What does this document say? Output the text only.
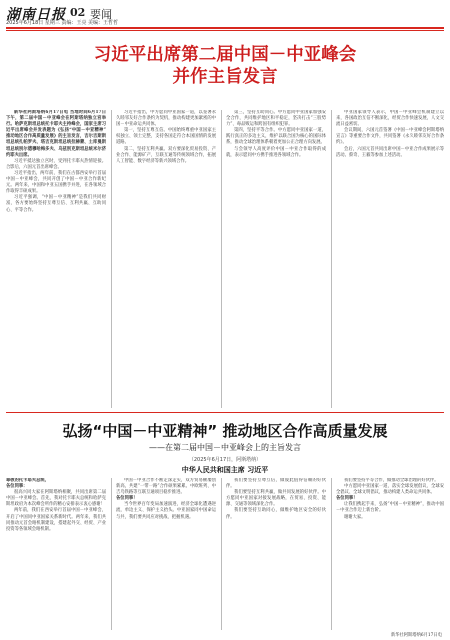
湖南日报 02 要闻
2025年6月18日 星期三 责编：王亮 美编：王哲哲
习近平出席第二届中国－中亚峰会
并作主旨发言

新华社阿斯塔纳6月17日电 当地时间6月17日下午，第二届中国－中亚峰会在阿斯塔纳独立宫举行。哈萨克斯坦总统托卡耶夫主持峰会，国家主席习近平出席峰会并发表题为《弘扬“中国－中亚精神” 推动地区合作高质量发展》的主旨发言，吉尔吉斯斯坦总统扎帕罗夫、塔吉克斯坦总统拉赫蒙、土库曼斯坦总统别尔德穆哈梅多夫、乌兹别克斯坦总统米尔济约耶夫出席。

习近平抵达独立宫时，受到托卡耶夫热情迎接。合影后，六国元首出席峰会。

习近平指出，两年前，我们在古都西安举行首届中国－中亚峰会，共同开创了中国－中亚合作新纪元。两年来，中国和中亚五国携手并进，在各领域合作取得丰硕成果。

习近平强调，“中国－中亚精神”是我们共同财富，各方要始终坚持互尊互信、互利共赢、互助同心、平等合作。

习近平指出，中方愿同中亚国家一道，以签署永久睦邻友好合作条约为契机，推动构建更加紧密的中国－中亚命运共同体。

第一，坚持互尊互信。中国始终尊重中亚国家主权独立、领土完整，支持各国走符合本国国情的发展道路。

第二，坚持互利共赢。双方要深化贸易投资、产业合作、能源矿产、互联互通等传统领域合作，拓展人工智能、数字经济等新兴领域合作。

第三，坚持互助同心。中方愿同中亚国家加强安全合作，共同维护地区和平稳定，坚决打击“三股势力”、毒品贩运和跨国有组织犯罪。

第四，坚持平等合作。中方愿同中亚国家一道，践行真正的多边主义，维护以联合国为核心的国际体系，推动全球治理体系朝着更加公正合理方向发展。

与会领导人高度评价中国－中亚合作取得的成就，表示愿同中方携手推进各领域合作。

中亚国家领导人表示，中国－中亚峰会机制建立以来，各国政治互信不断深化，经贸合作快速发展，人文交流日益密切。

会议期间，六国元首签署《中国－中亚峰会阿斯塔纳宣言》等重要合作文件，共同签署《永久睦邻友好合作条约》。

会后，六国元首共同出席中国－中亚合作成果展示等活动。蔡奇、王毅等参加上述活动。

弘扬“中国－中亚精神” 推动地区合作高质量发展
——在第二届中国－中亚峰会上的主旨发言
（2025年6月17日，阿斯塔纳）
中华人民共和国主席 习近平

尊敬的托卡耶夫总统，

各位同事：

很高兴同大家在阿斯塔纳相聚，共同出席第二届中国－中亚峰会。首先，我对托卡耶夫总统和哈萨克斯坦政府为本次峰会所作的精心安排表示衷心感谢！

两年前，我们在西安举行首届中国－中亚峰会，开启了中国同中亚国家关系新时代。两年来，我们共同推动元首会晤机制建设，搭建起外交、经贸、产业投资等各领域会晤机制。

中国－中亚合作不断走深走实，双方贸易额屡创新高，共建“一带一路”合作硕果累累。中欧班列、中吉乌铁路等互联互通项目稳步推进。

各位同事！

当今世界百年变局加速演进，经济全球化遭遇逆流，单边主义、保护主义抬头。中亚国家同中国命运与共，我们要共同应对挑战、把握机遇。

我们要坚持互尊互信，做彼此值得信赖的好伙伴。

我们要坚持互利共赢，做共同发展的好伙伴。中方愿同中亚国家对接发展战略，在贸易、投资、能源、交通等领域深化合作。

我们要坚持互助同心，做维护地区安全的好伙伴。

我们要坚持平等合作，做推动全球治理的好伙伴。

中方愿同中亚国家一道，落实全球发展倡议、全球安全倡议、全球文明倡议，推动构建人类命运共同体。

各位同事！

让我们携起手来，弘扬“中国－中亚精神”，推动中国－中亚合作迈上新台阶。

谢谢大家。

新华社阿斯塔纳6月17日电
